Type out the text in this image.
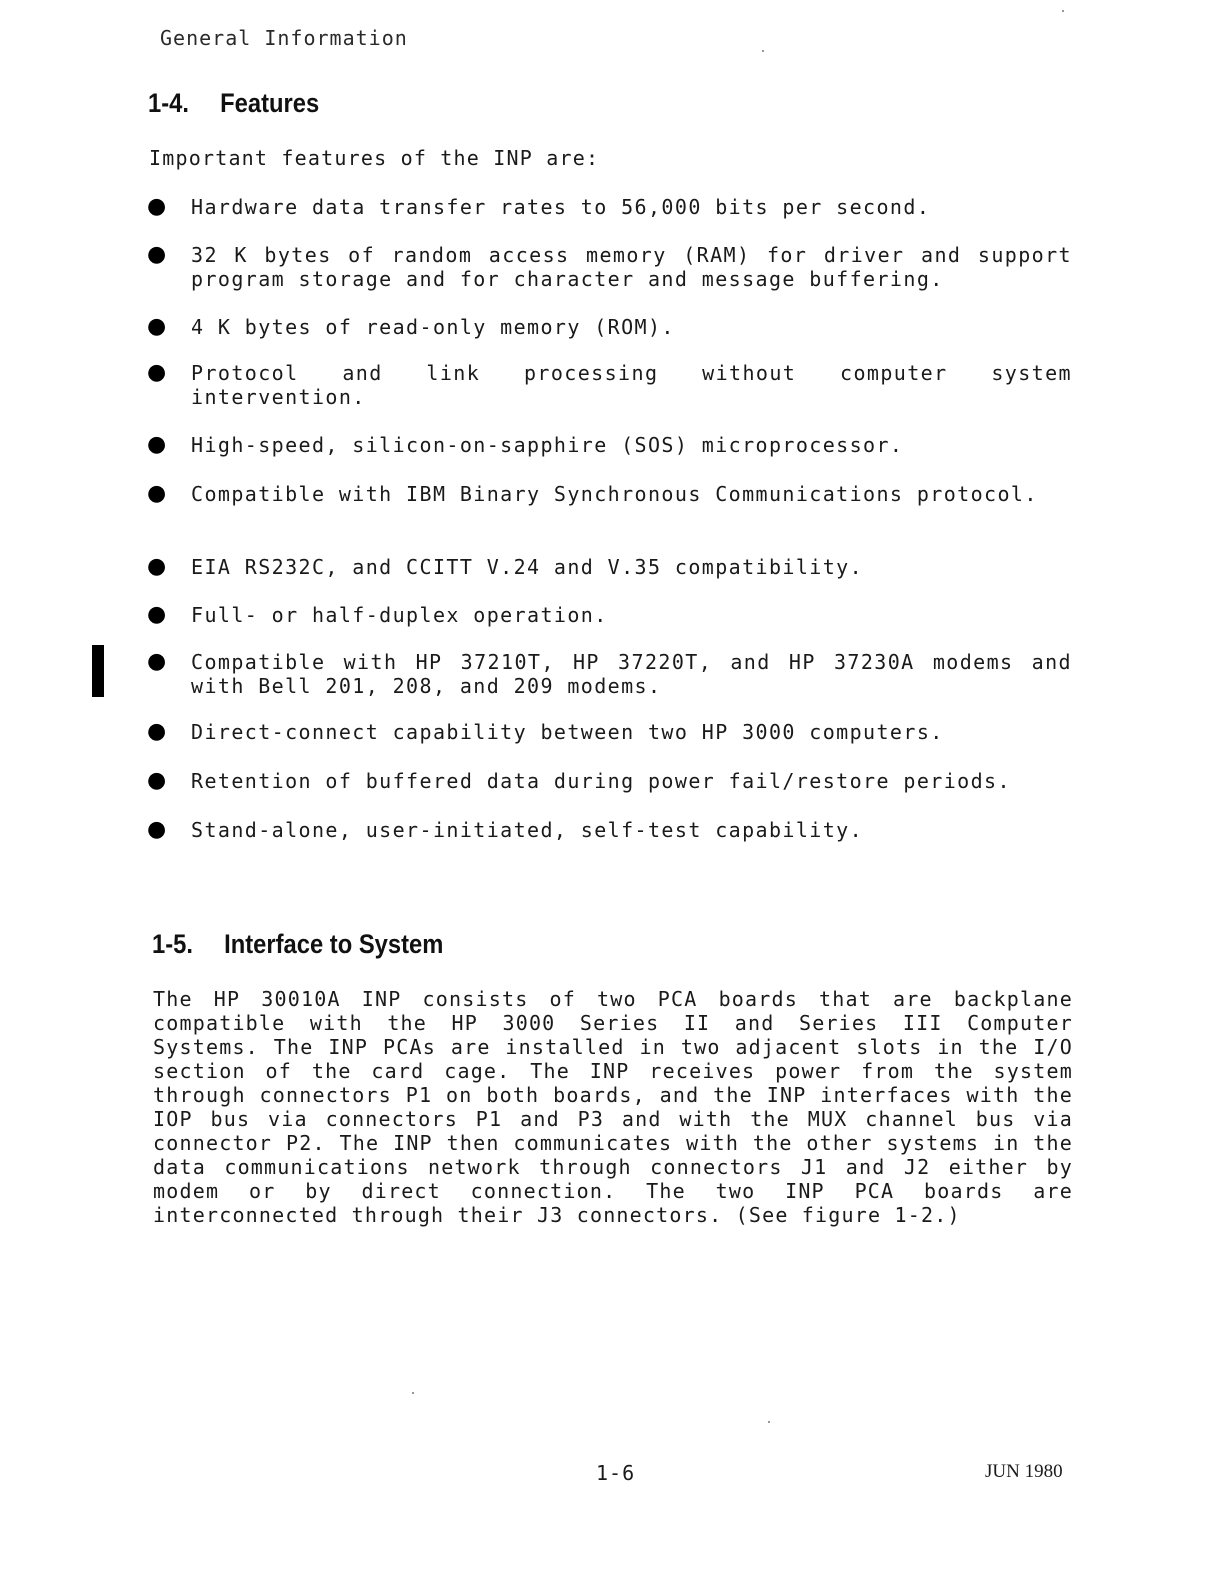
General Information
1-4. Features
Important features of the INP are:
●	Hardware data transfer rates to 56,000 bits per second.
●	32 K bytes of random access memory (RAM) for driver and support program storage and for character and message buffering.
●	4 K bytes of read-only memory (ROM).
●	Protocol and link processing without computer system intervention.
●	High-speed, silicon-on-sapphire (SOS) microprocessor.
●	Compatible with IBM Binary Synchronous Communications protocol.
●	EIA RS232C, and CCITT V.24 and V.35 compatibility.
●	Full- or half-duplex operation.
●	Compatible with HP 37210T, HP 37220T, and HP 37230A modems and with Bell 201, 208, and 209 modems.
●	Direct-connect capability between two HP 3000 computers.
●	Retention of buffered data during power fail/restore periods.
●	Stand-alone, user-initiated, self-test capability.
1-5. Interface to System

The HP 30010A INP consists of two PCA boards that are backplane compatible with the HP 3000 Series II and Series III Computer Systems. The INP PCAs are installed in two adjacent slots in the I/O section of the card cage. The INP receives power from the system through connectors P1 on both boards, and the INP interfaces with the IOP bus via connectors P1 and P3 and with the MUX channel bus via connector P2. The INP then communicates with the other systems in the data communications network through connectors J1 and J2 either by modem or by direct connection. The two INP PCA boards are interconnected through their J3 connectors. (See figure 1-2.)

1-6	JUN 1980
